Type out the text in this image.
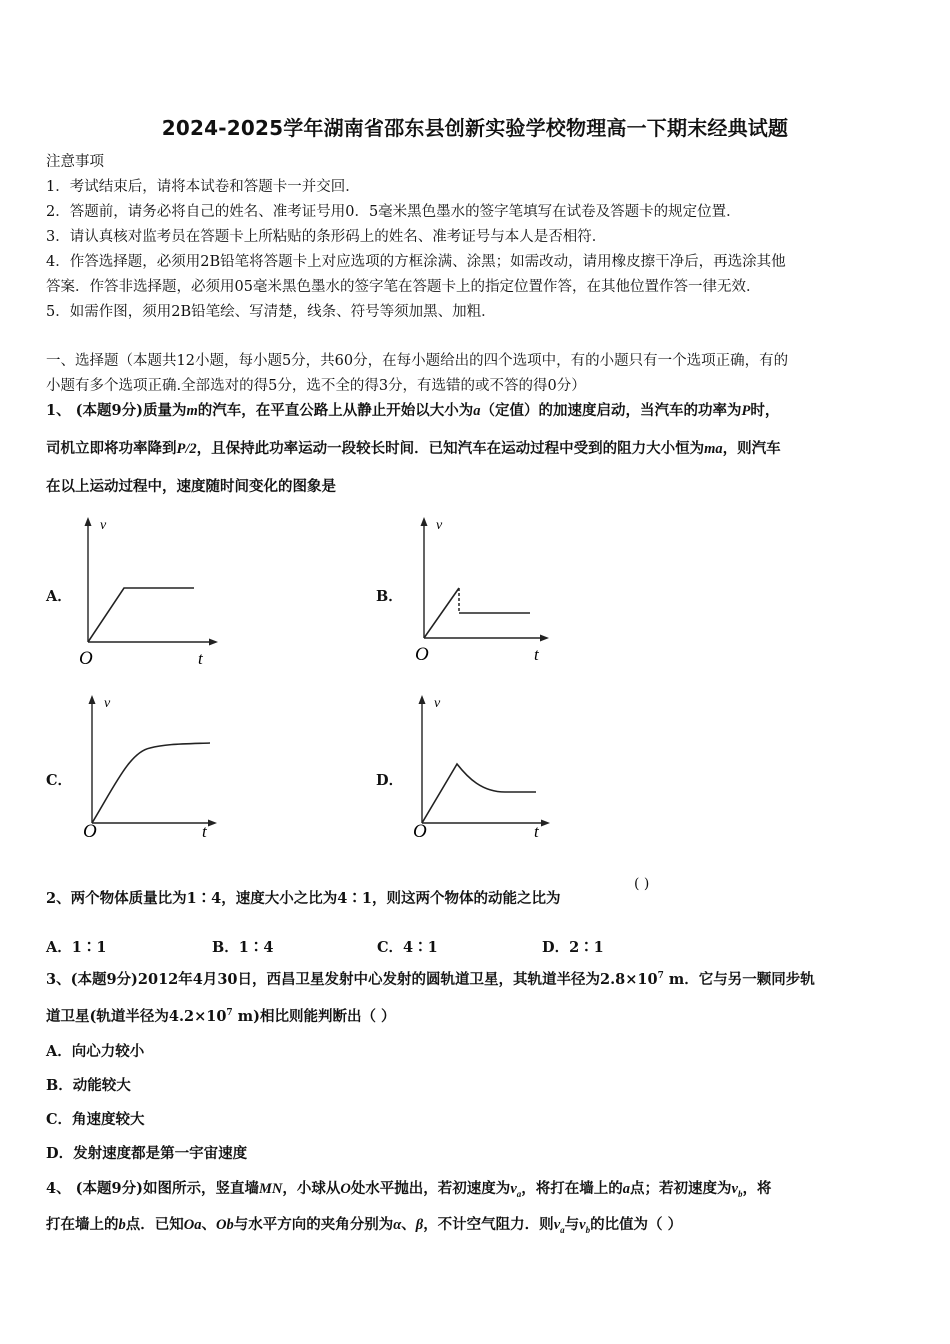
2024-2025学年湖南省邵东县创新实验学校物理高一下期末经典试题
注意事项
1．考试结束后，请将本试卷和答题卡一并交回．
2．答题前，请务必将自己的姓名、准考证号用0．5毫米黑色墨水的签字笔填写在试卷及答题卡的规定位置．
3．请认真核对监考员在答题卡上所粘贴的条形码上的姓名、准考证号与本人是否相符．
4．作答选择题，必须用2B铅笔将答题卡上对应选项的方框涂满、涂黑；如需改动，请用橡皮擦干净后，再选涂其他
答案．作答非选择题，必须用05毫米黑色墨水的签字笔在答题卡上的指定位置作答，在其他位置作答一律无效．
5．如需作图，须用2B铅笔绘、写清楚，线条、符号等须加黑、加粗．
一、选择题（本题共12小题，每小题5分，共60分，在每小题给出的四个选项中，有的小题只有一个选项正确，有的
小题有多个选项正确.全部选对的得5分，选不全的得3分，有选错的或不答的得0分）
1、 (本题9分)质量为m的汽车，在平直公路上从静止开始以大小为a（定值）的加速度启动，当汽车的功率为P时，
司机立即将功率降到P/2，且保持此功率运动一段较长时间．已知汽车在运动过程中受到的阻力大小恒为ma，则汽车
在以上运动过程中，速度随时间变化的图象是
A．
v
O	t
B．
v
O	t
C．
v
O	t
D．
v
O	t
2、两个物体质量比为1∶4，速度大小之比为4∶1，则这两个物体的动能之比为
( )
A．1∶1	B．1∶4	C．4∶1	D．2∶1
3、(本题9分)2012年4月30日，西昌卫星发射中心发射的圆轨道卫星，其轨道半径为$2.8\times 10^7$ m．它与另一颗同步轨
道卫星(轨道半径为$4.2\times 10^7$ m)相比则能判断出（ ）
A．向心力较小
B．动能较大
C．角速度较大
D．发射速度都是第一宇宙速度
4、 (本题9分)如图所示，竖直墙MN，小球从O处水平抛出，若初速度为$v_a$，将打在墙上的a点；若初速度为$v_b$，将
打在墙上的b点．已知Oa、Ob与水平方向的夹角分别为α、β，不计空气阻力．则$v_a$与$v_b$的比值为（ ）
